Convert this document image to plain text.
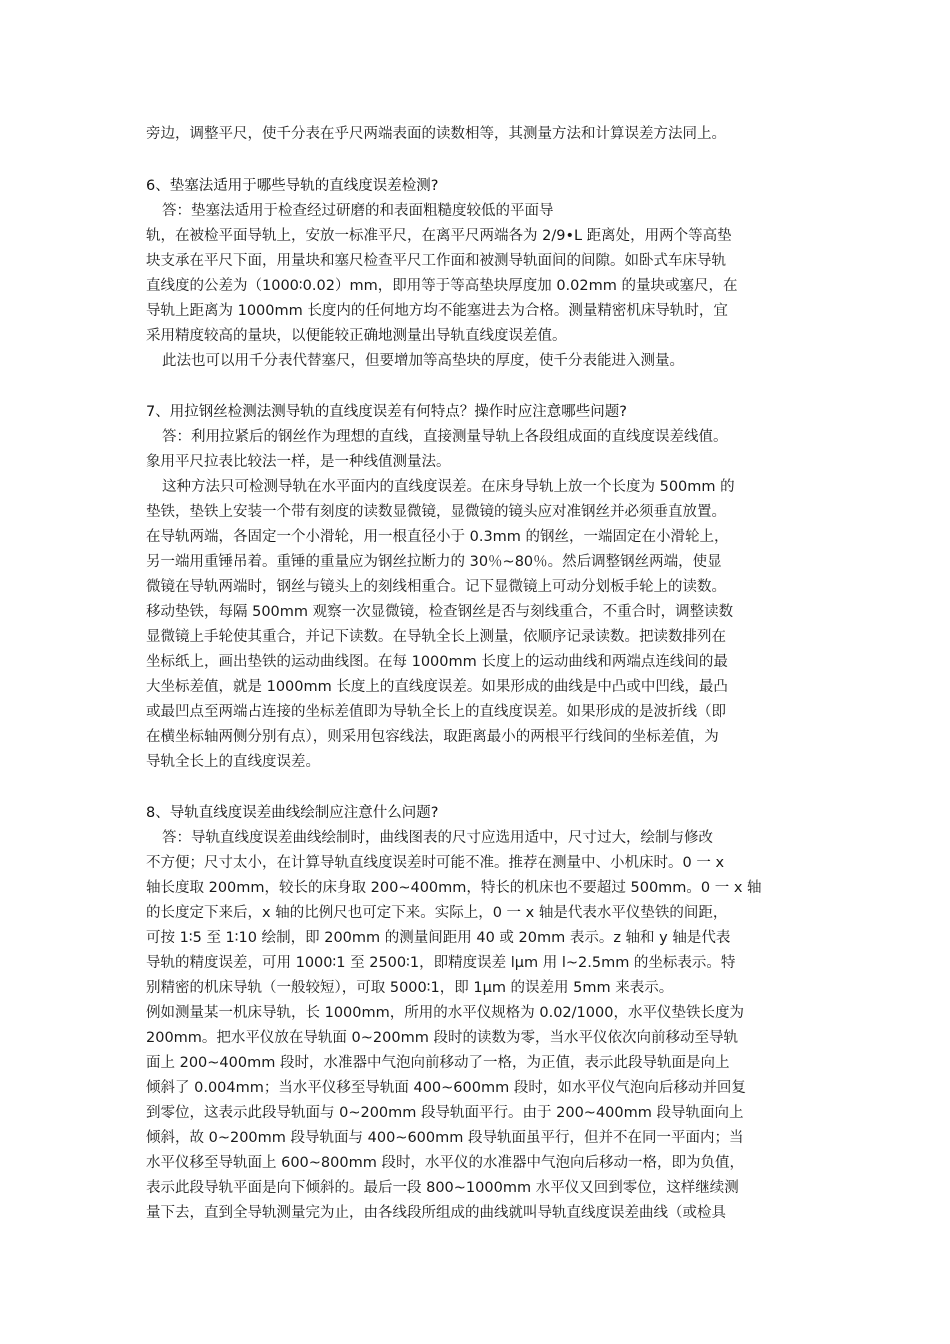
旁边，调整平尺，使千分表在乎尺两端表面的读数相等，其测量方法和计算误差方法同上。
6、垫塞法适用于哪些导轨的直线度误差检测?
答：垫塞法适用于检查经过研磨的和表面粗糙度较低的平面导
轨，在被检平面导轨上，安放一标准平尺，在离平尺两端各为 2/9•L 距离处，用两个等高垫
块支承在平尺下面，用量块和塞尺检查平尺工作面和被测导轨面间的间隙。如卧式车床导轨
直线度的公差为（1000∶0.02）mm，即用等于等高垫块厚度加 0.02mm 的量块或塞尺，在
导轨上距离为 1000mm 长度内的任何地方均不能塞进去为合格。测量精密机床导轨时，宜
采用精度较高的量块，以便能较正确地测量出导轨直线度误差值。
此法也可以用千分表代替塞尺，但要增加等高垫块的厚度，使千分表能进入测量。
7、用拉钢丝检测法测导轨的直线度误差有何特点？操作时应注意哪些问题?
答：利用拉紧后的钢丝作为理想的直线，直接测量导轨上各段组成面的直线度误差线值。
象用平尺拉表比较法一样，是一种线值测量法。
这种方法只可检测导轨在水平面内的直线度误差。在床身导轨上放一个长度为 500mm 的
垫铁，垫铁上安装一个带有刻度的读数显微镜，显微镜的镜头应对准钢丝并必须垂直放置。
在导轨两端，各固定一个小滑轮，用一根直径小于 0.3mm 的钢丝，一端固定在小滑轮上，
另一端用重锤吊着。重锤的重量应为钢丝拉断力的 30％~80％。然后调整钢丝两端，使显
微镜在导轨两端时，钢丝与镜头上的刻线相重合。记下显微镜上可动分划板手轮上的读数。
移动垫铁，每隔 500mm 观察一次显微镜，检查钢丝是否与刻线重合，不重合时，调整读数
显微镜上手轮使其重合，并记下读数。在导轨全长上测量，依顺序记录读数。把读数排列在
坐标纸上，画出垫铁的运动曲线图。在每 1000mm 长度上的运动曲线和两端点连线间的最
大坐标差值，就是 1000mm 长度上的直线度误差。如果形成的曲线是中凸或中凹线，最凸
或最凹点至两端占连接的坐标差值即为导轨全长上的直线度误差。如果形成的是波折线（即
在横坐标轴两侧分别有点），则采用包容线法，取距离最小的两根平行线间的坐标差值，为
导轨全长上的直线度误差。
8、导轨直线度误差曲线绘制应注意什么问题?
答：导轨直线度误差曲线绘制时，曲线图表的尺寸应选用适中，尺寸过大，绘制与修改
不方便；尺寸太小，在计算导轨直线度误差时可能不准。推荐在测量中、小机床时。0 一 x
轴长度取 200mm，较长的床身取 200~400mm，特长的机床也不要超过 500mm。0 一 x 轴
的长度定下来后，x 轴的比例尺也可定下来。实际上，0 一 x 轴是代表水平仪垫铁的间距，
可按 1∶5 至 1∶10 绘制，即 200mm 的测量间距用 40 或 20mm 表示。z 轴和 y 轴是代表
导轨的精度误差，可用 1000∶1 至 2500∶1，即精度误差 lμm 用 l~2.5mm 的坐标表示。特
别精密的机床导轨（一般较短），可取 5000∶1，即 1μm 的误差用 5mm 来表示。
例如测量某一机床导轨，长 1000mm，所用的水平仪规格为 0.02/1000，水平仪垫铁长度为
200mm。把水平仪放在导轨面 0~200mm 段时的读数为零，当水平仪依次向前移动至导轨
面上 200~400mm 段时，水准器中气泡向前移动了一格，为正值，表示此段导轨面是向上
倾斜了 0.004mm；当水平仪移至导轨面 400~600mm 段时，如水平仪气泡向后移动并回复
到零位，这表示此段导轨面与 0~200mm 段导轨面平行。由于 200~400mm 段导轨面向上
倾斜，故 0~200mm 段导轨面与 400~600mm 段导轨面虽平行，但并不在同一平面内；当
水平仪移至导轨面上 600~800mm 段时，水平仪的水准器中气泡向后移动一格，即为负值，
表示此段导轨平面是向下倾斜的。最后一段 800~1000mm 水平仪又回到零位，这样继续测
量下去，直到全导轨测量完为止，由各线段所组成的曲线就叫导轨直线度误差曲线（或检具
